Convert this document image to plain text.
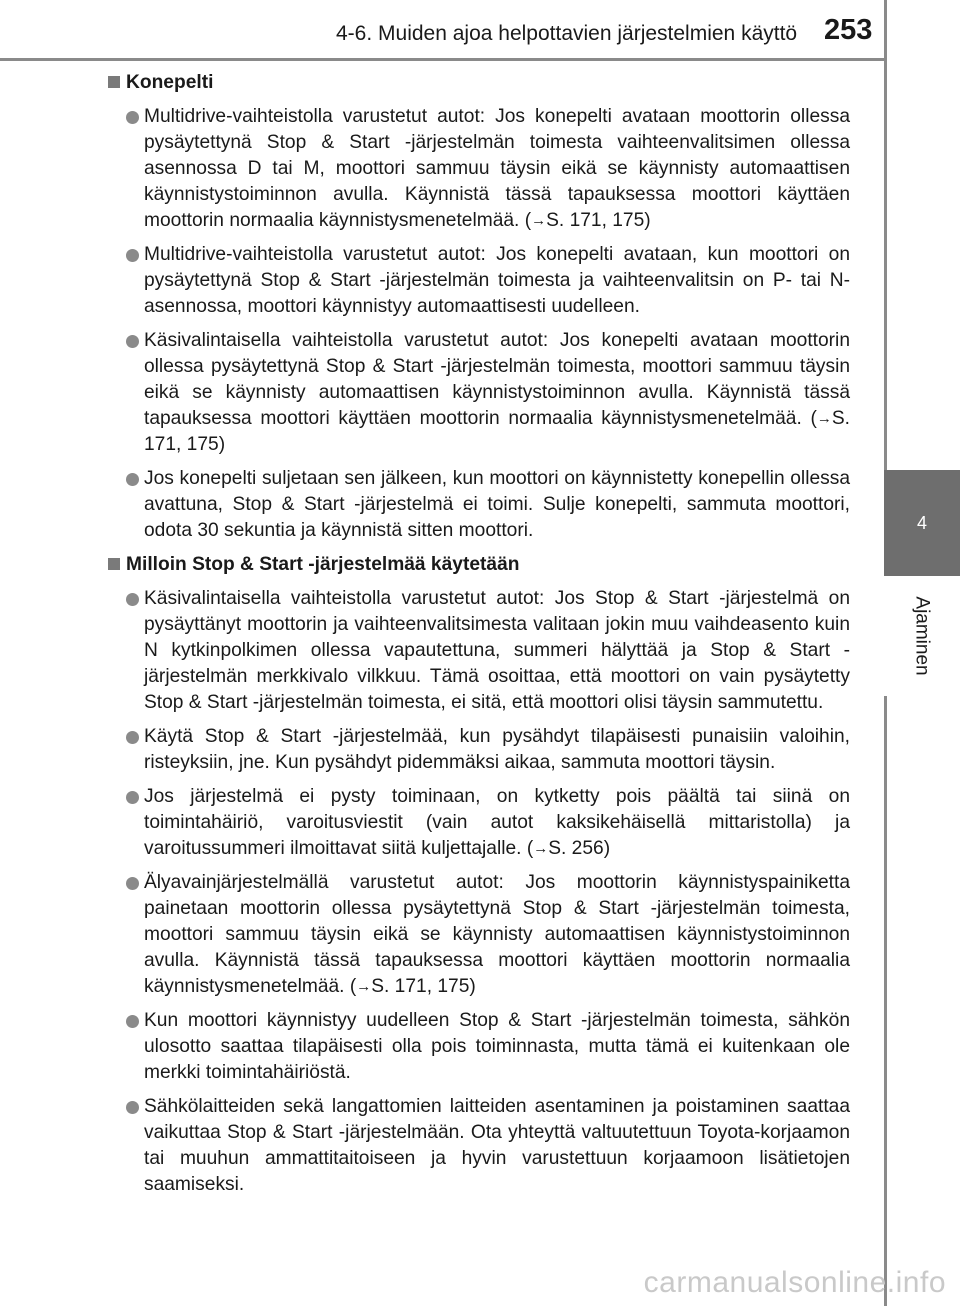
4-6. Muiden ajoa helpottavien järjestelmien käyttö 253
4
Ajaminen
Konepelti
Multidrive-vaihteistolla varustetut autot: Jos konepelti avataan moottorin ollessa pysäytettynä Stop & Start -järjestelmän toimesta vaihteenvalitsimen ollessa asennossa D tai M, moottori sammuu täysin eikä se käynnisty automaattisen käynnistystoiminnon avulla. Käynnistä tässä tapauksessa moottori käyttäen moottorin normaalia käynnistysmenetelmää. (→S. 171, 175)
Multidrive-vaihteistolla varustetut autot: Jos konepelti avataan, kun moottori on pysäytettynä Stop & Start -järjestelmän toimesta ja vaihteenvalitsin on P- tai N-asennossa, moottori käynnistyy automaattisesti uudelleen.
Käsivalintaisella vaihteistolla varustetut autot: Jos konepelti avataan moottorin ollessa pysäytettynä Stop & Start -järjestelmän toimesta, moottori sammuu täysin eikä se käynnisty automaattisen käynnistystoiminnon avulla. Käynnistä tässä tapauksessa moottori käyttäen moottorin normaalia käynnistysmenetelmää. (→S. 171, 175)
Jos konepelti suljetaan sen jälkeen, kun moottori on käynnistetty konepellin ollessa avattuna, Stop & Start -järjestelmä ei toimi. Sulje konepelti, sammuta moottori, odota 30 sekuntia ja käynnistä sitten moottori.
Milloin Stop & Start -järjestelmää käytetään
Käsivalintaisella vaihteistolla varustetut autot: Jos Stop & Start -järjestelmä on pysäyttänyt moottorin ja vaihteenvalitsimesta valitaan jokin muu vaihdeasento kuin N kytkinpolkimen ollessa vapautettuna, summeri hälyttää ja Stop & Start -järjestelmän merkkivalo vilkkuu. Tämä osoittaa, että moottori on vain pysäytetty Stop & Start -järjestelmän toimesta, ei sitä, että moottori olisi täysin sammutettu.
Käytä Stop & Start -järjestelmää, kun pysähdyt tilapäisesti punaisiin valoihin, risteyksiin, jne. Kun pysähdyt pidemmäksi aikaa, sammuta moottori täysin.
Jos järjestelmä ei pysty toiminaan, on kytketty pois päältä tai siinä on toimintahäiriö, varoitusviestit (vain autot kaksikehäisellä mittaristolla) ja varoitussummeri ilmoittavat siitä kuljettajalle. (→S. 256)
Älyavainjärjestelmällä varustetut autot: Jos moottorin käynnistyspainiketta painetaan moottorin ollessa pysäytettynä Stop & Start -järjestelmän toimesta, moottori sammuu täysin eikä se käynnisty automaattisen käynnistystoiminnon avulla. Käynnistä tässä tapauksessa moottori käyttäen moottorin normaalia käynnistysmenetelmää. (→S. 171, 175)
Kun moottori käynnistyy uudelleen Stop & Start -järjestelmän toimesta, sähkön ulosotto saattaa tilapäisesti olla pois toiminnasta, mutta tämä ei kuitenkaan ole merkki toimintahäiriöstä.
Sähkölaitteiden sekä langattomien laitteiden asentaminen ja poistaminen saattaa vaikuttaa Stop & Start -järjestelmään. Ota yhteyttä valtuutettuun Toyota-korjaamon tai muuhun ammattitaitoiseen ja hyvin varustettuun korjaamoon lisätietojen saamiseksi.
carmanualsonline.info
